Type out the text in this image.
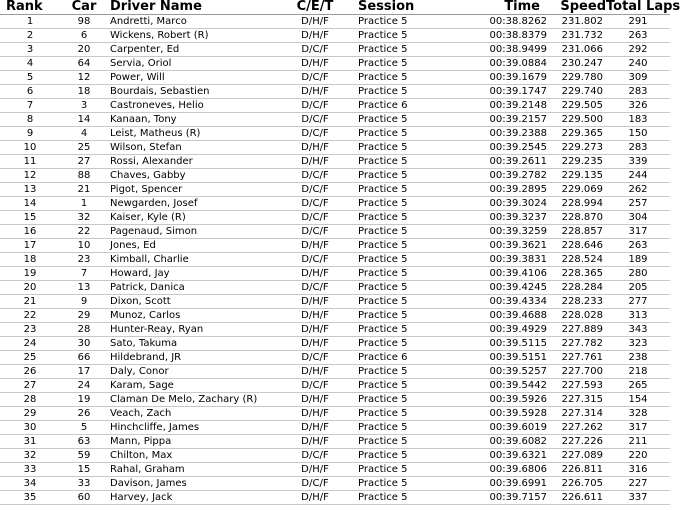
Rank	Car	Driver Name	C/E/T	Session	Time	Speed	Total Laps
1	98	Andretti, Marco	D/H/F	Practice 5	00:38.8262	231.802	291
2	6	Wickens, Robert (R)	D/H/F	Practice 5	00:38.8379	231.732	263
3	20	Carpenter, Ed	D/C/F	Practice 5	00:38.9499	231.066	292
4	64	Servia, Oriol	D/H/F	Practice 5	00:39.0884	230.247	240
5	12	Power, Will	D/C/F	Practice 5	00:39.1679	229.780	309
6	18	Bourdais, Sebastien	D/H/F	Practice 5	00:39.1747	229.740	283
7	3	Castroneves, Helio	D/C/F	Practice 6	00:39.2148	229.505	326
8	14	Kanaan, Tony	D/C/F	Practice 5	00:39.2157	229.500	183
9	4	Leist, Matheus (R)	D/C/F	Practice 5	00:39.2388	229.365	150
10	25	Wilson, Stefan	D/H/F	Practice 5	00:39.2545	229.273	283
11	27	Rossi, Alexander	D/H/F	Practice 5	00:39.2611	229.235	339
12	88	Chaves, Gabby	D/C/F	Practice 5	00:39.2782	229.135	244
13	21	Pigot, Spencer	D/C/F	Practice 5	00:39.2895	229.069	262
14	1	Newgarden, Josef	D/C/F	Practice 5	00:39.3024	228.994	257
15	32	Kaiser, Kyle (R)	D/C/F	Practice 5	00:39.3237	228.870	304
16	22	Pagenaud, Simon	D/C/F	Practice 5	00:39.3259	228.857	317
17	10	Jones, Ed	D/H/F	Practice 5	00:39.3621	228.646	263
18	23	Kimball, Charlie	D/C/F	Practice 5	00:39.3831	228.524	189
19	7	Howard, Jay	D/H/F	Practice 5	00:39.4106	228.365	280
20	13	Patrick, Danica	D/C/F	Practice 5	00:39.4245	228.284	205
21	9	Dixon, Scott	D/H/F	Practice 5	00:39.4334	228.233	277
22	29	Munoz, Carlos	D/H/F	Practice 5	00:39.4688	228.028	313
23	28	Hunter-Reay, Ryan	D/H/F	Practice 5	00:39.4929	227.889	343
24	30	Sato, Takuma	D/H/F	Practice 5	00:39.5115	227.782	323
25	66	Hildebrand, JR	D/C/F	Practice 6	00:39.5151	227.761	238
26	17	Daly, Conor	D/H/F	Practice 5	00:39.5257	227.700	218
27	24	Karam, Sage	D/C/F	Practice 5	00:39.5442	227.593	265
28	19	Claman De Melo, Zachary (R)	D/H/F	Practice 5	00:39.5926	227.315	154
29	26	Veach, Zach	D/H/F	Practice 5	00:39.5928	227.314	328
30	5	Hinchcliffe, James	D/H/F	Practice 5	00:39.6019	227.262	317
31	63	Mann, Pippa	D/H/F	Practice 5	00:39.6082	227.226	211
32	59	Chilton, Max	D/C/F	Practice 5	00:39.6321	227.089	220
33	15	Rahal, Graham	D/H/F	Practice 5	00:39.6806	226.811	316
34	33	Davison, James	D/C/F	Practice 5	00:39.6991	226.705	227
35	60	Harvey, Jack	D/H/F	Practice 5	00:39.7157	226.611	337
